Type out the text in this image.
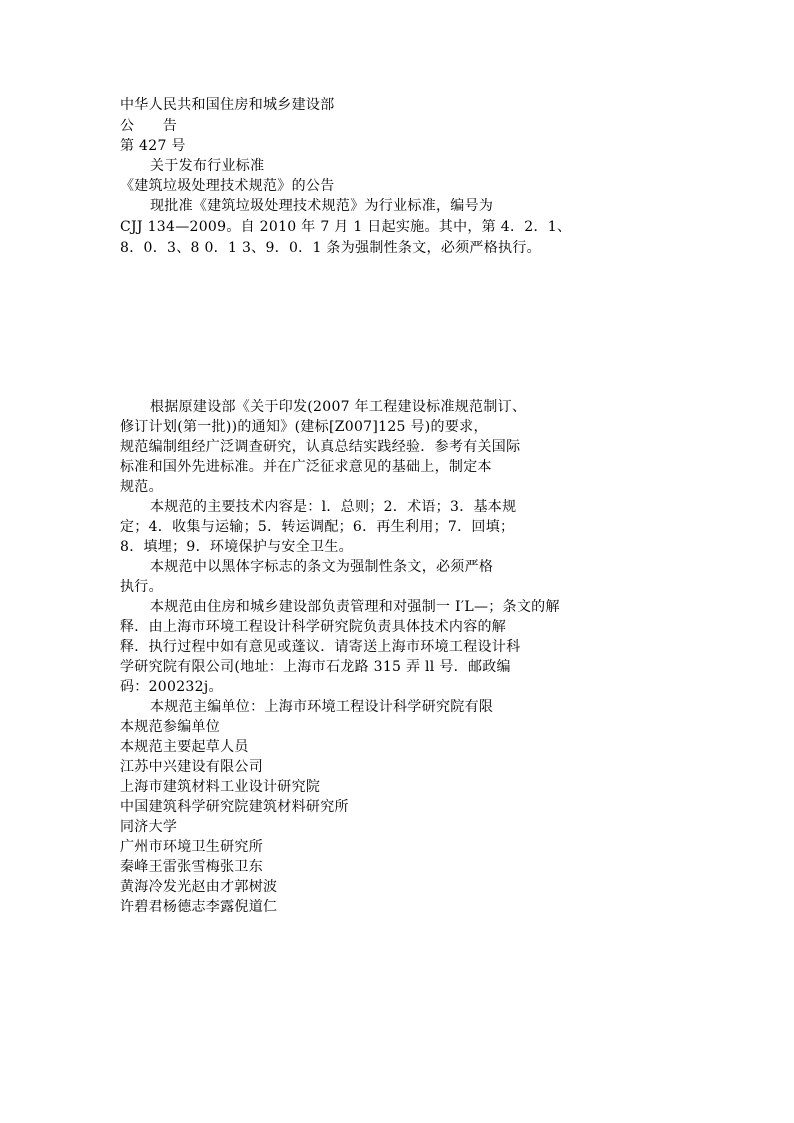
中华人民共和国住房和城乡建设部
公　　告
第 427 号
关于发布行业标准
《建筑垃圾处理技术规范》的公告
现批准《建筑垃圾处理技术规范》为行业标准，编号为
CJJ 134—2009。自 2010 年 7 月 1 日起实施。其中，第 4．2．1、
8．0．3、8 0．1 3、9．0．1 条为强制性条文，必须严格执行。
根据原建设部《关于印发(2007 年工程建设标准规范制订、
修订计划(第一批))的通知》(建标[Z007]125 号)的要求，
规范编制组经广泛调查研究，认真总结实践经验．参考有关国际
标准和国外先进标准。并在广泛征求意见的基础上，制定本
规范。
本规范的主要技术内容是：l．总则；2．术语；3．基本规
定；4．收集与运输；5．转运调配；6．再生利用；7．回填；
8．填埋；9．环境保护与安全卫生。
本规范中以黑体字标志的条文为强制性条文，必须严格
执行。
本规范由住房和城乡建设部负责管理和对强制一 I′L—；条文的解
释．由上海市环境工程设计科学研究院负责具体技术内容的解
释．执行过程中如有意见或蓬议．请寄送上海市环境工程设计科
学研究院有限公司(地址：上海市石龙路 315 弄 ll 号．邮政编
码：200232j。
本规范主编单位：上海市环境工程设计科学研究院有限
本规范参编单位
本规范主要起草人员
江苏中兴建设有限公司
上海市建筑材料工业设计研究院
中国建筑科学研究院建筑材料研究所
同济大学
广州市环境卫生研究所
秦峰王雷张雪梅张卫东
黄海冷发光赵由才郭树波
许碧君杨德志李露倪道仁
